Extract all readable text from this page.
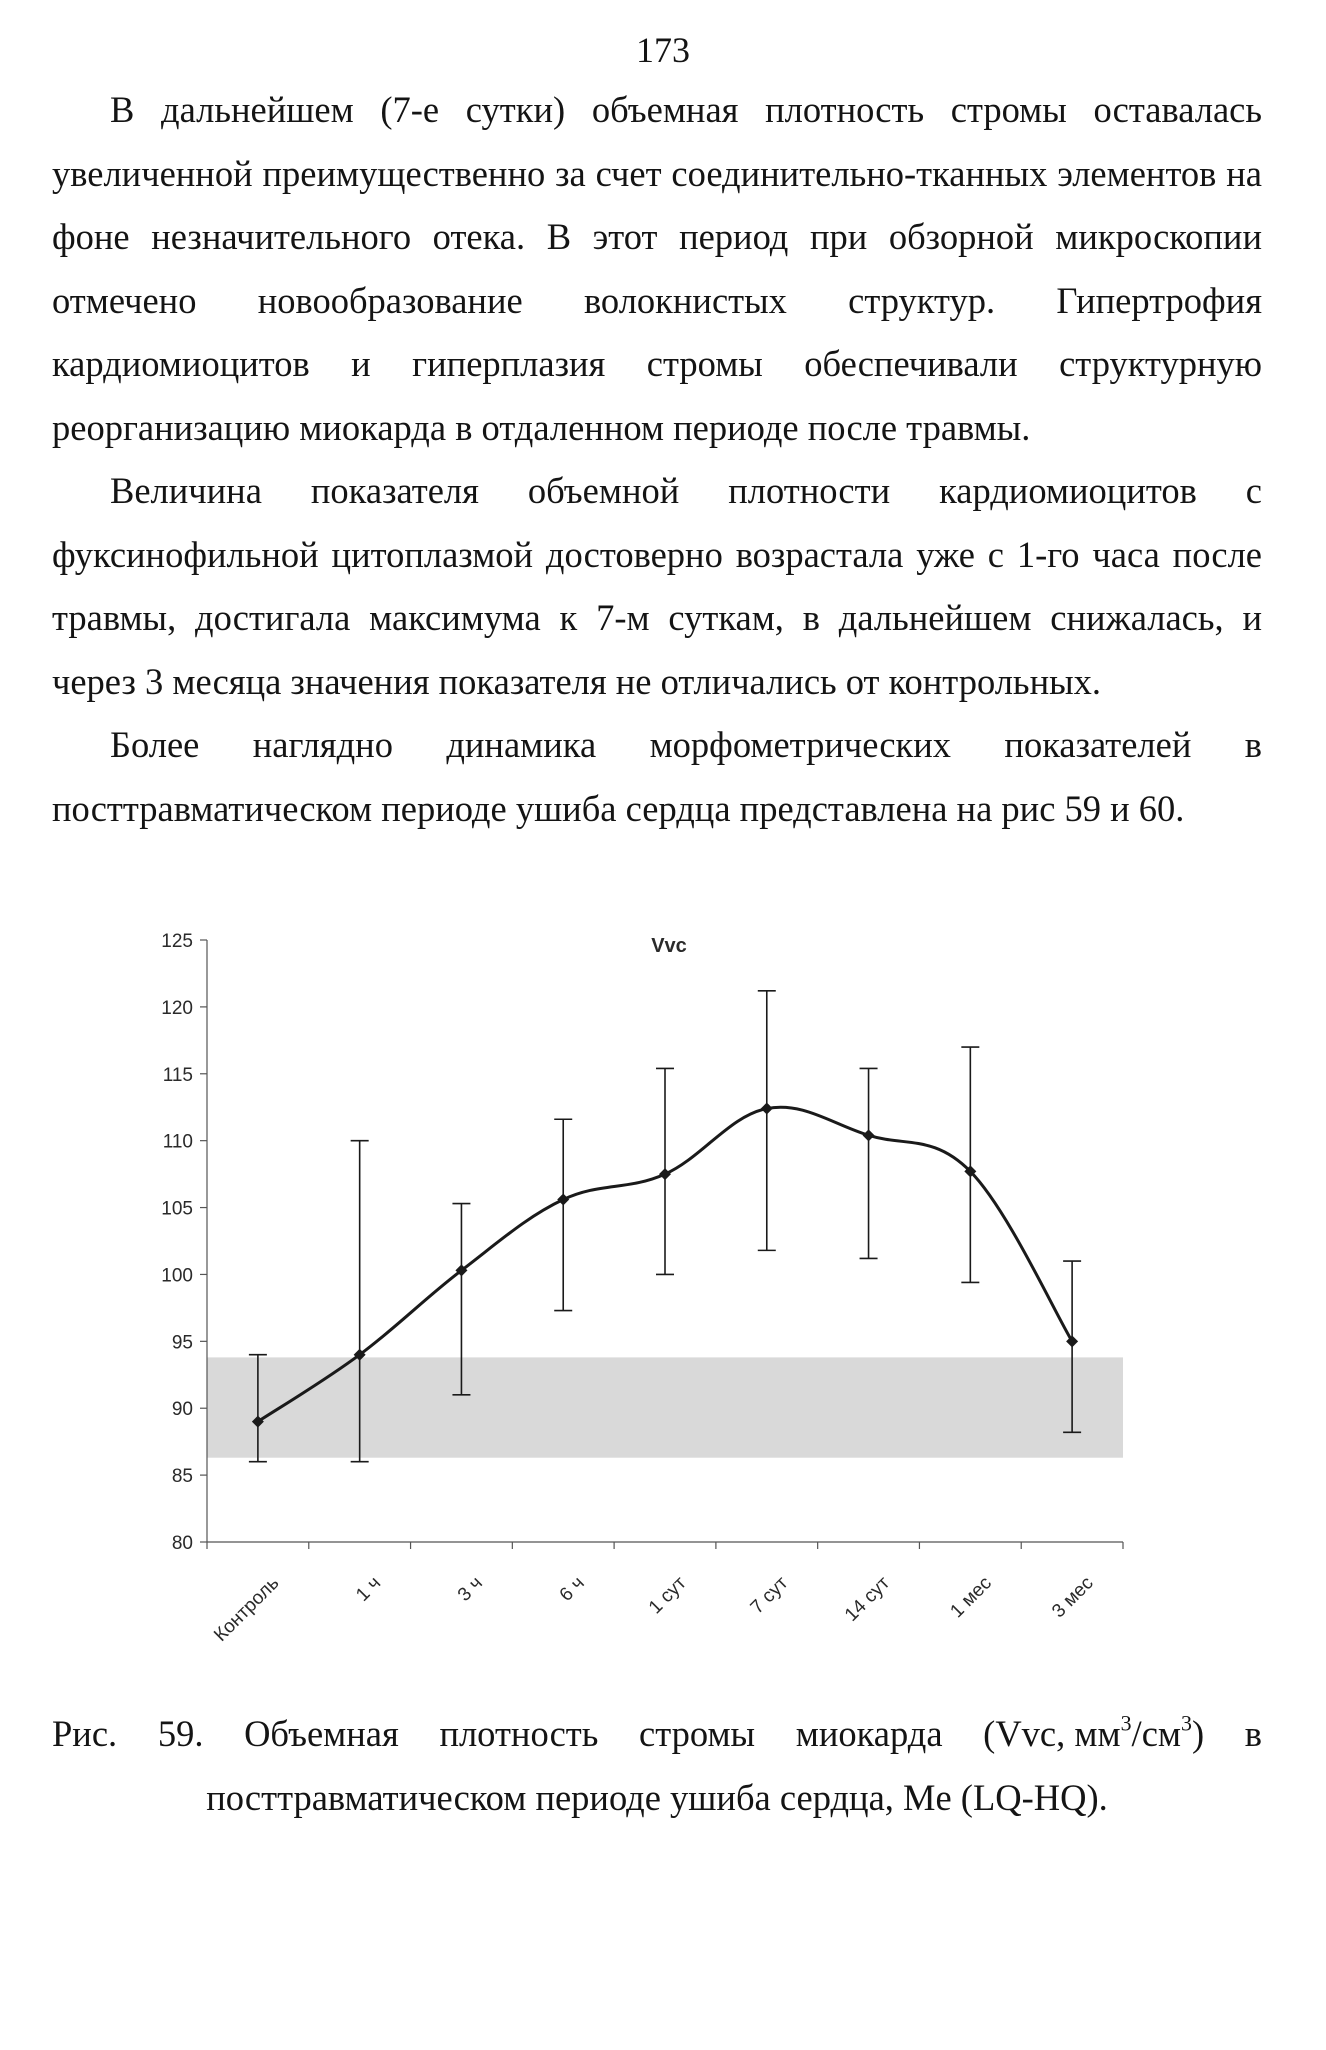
173

В дальнейшем (7-е сутки) объемная плотность стромы оставалась увеличенной преимущественно за счет соединительно-тканных элементов на фоне незначительного отека. В этот период при обзорной микроскопии отмечено новообразование волокнистых структур. Гипертрофия кардиомиоцитов и гиперплазия стромы обеспечивали структурную реорганизацию миокарда в отдаленном периоде после травмы.

Величина показателя объемной плотности кардиомиоцитов с фуксинофильной цитоплазмой достоверно возрастала уже с 1-го часа после травмы, достигала максимума к 7-м суткам, в дальнейшем снижалась, и через 3 месяца значения показателя не отличались от контрольных.

Более наглядно динамика морфометрических показателей в посттравматическом периоде ушиба сердца представлена на рис 59 и 60.

80
85
90
95
100
105
110
115
120
125
Контроль	1 ч	3 ч	6 ч	1 сут	7 сут	14 сут	1 мес	3 мес
Vvc
Рис. 59. Объемная плотность стромы миокарда (Vvc, $мм^3/см^3$) в
посттравматическом периоде ушиба сердца, Me (LQ-HQ).
